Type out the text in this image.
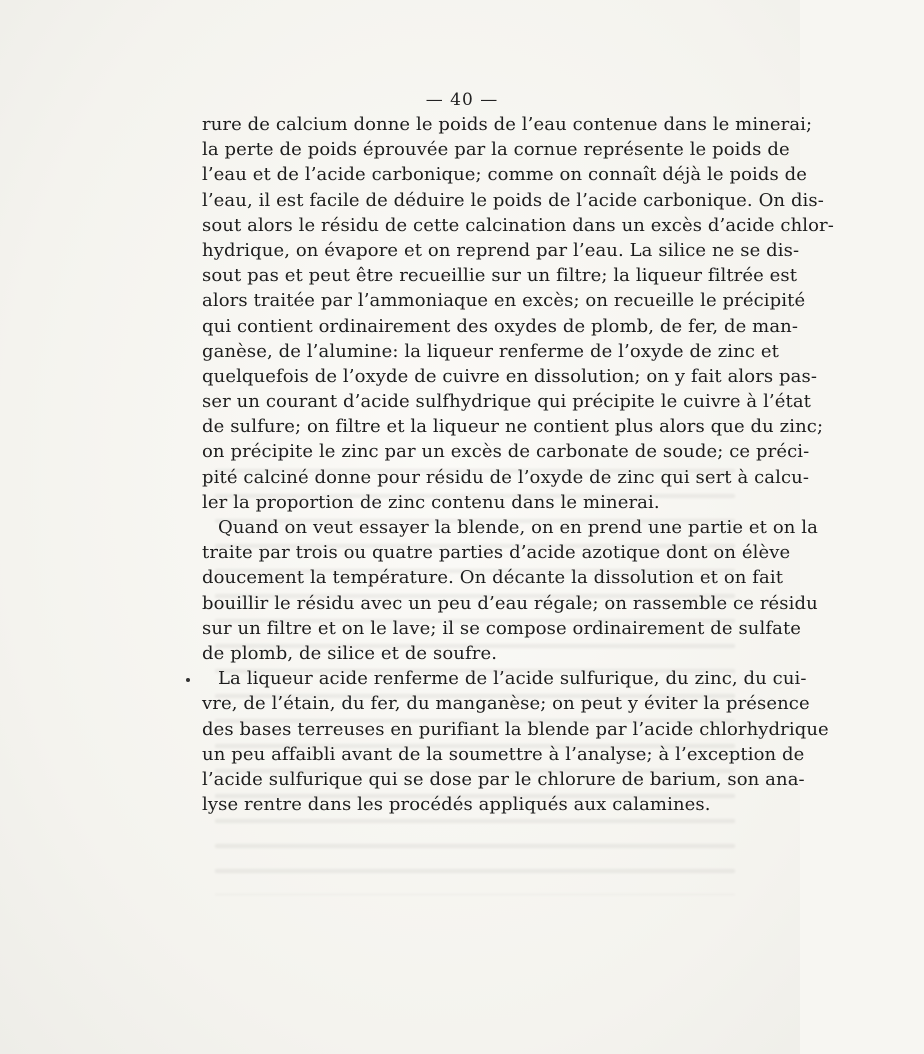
— 40 —
rure de calcium donne le poids de l’eau contenue dans le minerai;
la perte de poids éprouvée par la cornue représente le poids de
l’eau et de l’acide carbonique; comme on connaît déjà le poids de
l’eau, il est facile de déduire le poids de l’acide carbonique. On dis-
sout alors le résidu de cette calcination dans un excès d’acide chlor-
hydrique, on évapore et on reprend par l’eau. La silice ne se dis-
sout pas et peut être recueillie sur un filtre; la liqueur filtrée est
alors traitée par l’ammoniaque en excès; on recueille le précipité
qui contient ordinairement des oxydes de plomb, de fer, de man-
ganèse, de l’alumine: la liqueur renferme de l’oxyde de zinc et
quelquefois de l’oxyde de cuivre en dissolution; on y fait alors pas-
ser un courant d’acide sulfhydrique qui précipite le cuivre à l’état
de sulfure; on filtre et la liqueur ne contient plus alors que du zinc;
on précipite le zinc par un excès de carbonate de soude; ce préci-
pité calciné donne pour résidu de l’oxyde de zinc qui sert à calcu-
ler la proportion de zinc contenu dans le minerai.
Quand on veut essayer la blende, on en prend une partie et on la
traite par trois ou quatre parties d’acide azotique dont on élève
doucement la température. On décante la dissolution et on fait
bouillir le résidu avec un peu d’eau régale; on rassemble ce résidu
sur un filtre et on le lave; il se compose ordinairement de sulfate
de plomb, de silice et de soufre.
La liqueur acide renferme de l’acide sulfurique, du zinc, du cui-
vre, de l’étain, du fer, du manganèse; on peut y éviter la présence
des bases terreuses en purifiant la blende par l’acide chlorhydrique
un peu affaibli avant de la soumettre à l’analyse; à l’exception de
l’acide sulfurique qui se dose par le chlorure de barium, son ana-
lyse rentre dans les procédés appliqués aux calamines.
